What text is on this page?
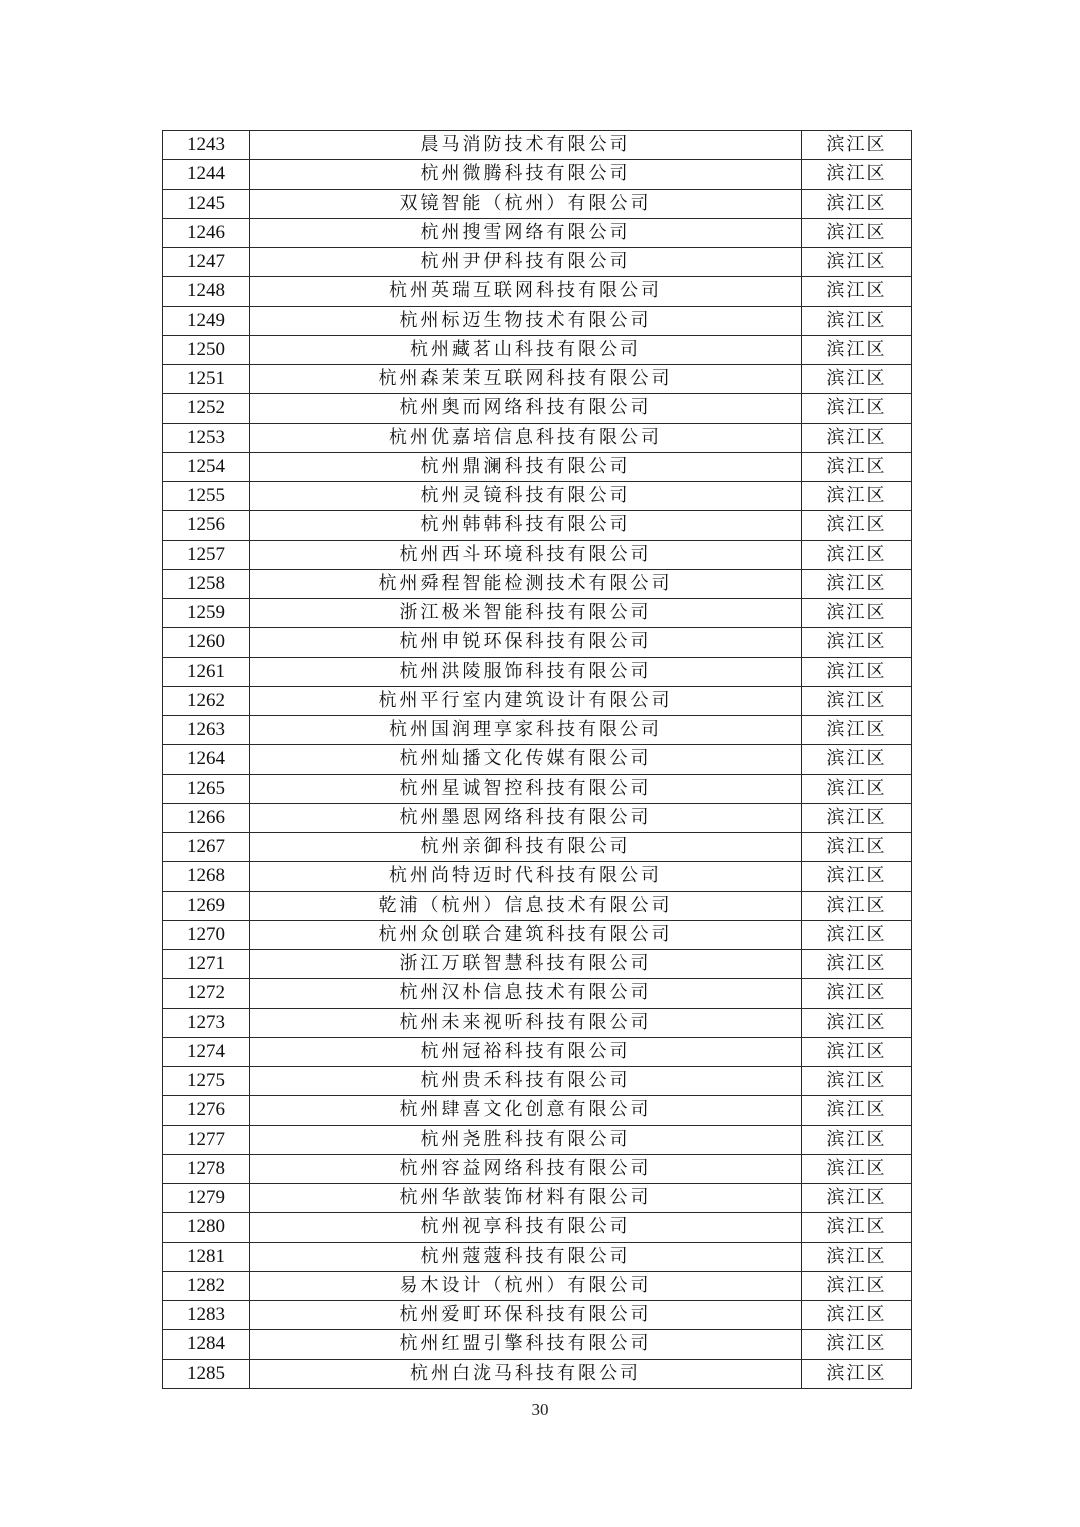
1243	晨马消防技术有限公司	滨江区
1244	杭州微腾科技有限公司	滨江区
1245	双镜智能（杭州）有限公司	滨江区
1246	杭州搜雪网络有限公司	滨江区
1247	杭州尹伊科技有限公司	滨江区
1248	杭州英瑞互联网科技有限公司	滨江区
1249	杭州标迈生物技术有限公司	滨江区
1250	杭州藏茗山科技有限公司	滨江区
1251	杭州森茉茉互联网科技有限公司	滨江区
1252	杭州奥而网络科技有限公司	滨江区
1253	杭州优嘉培信息科技有限公司	滨江区
1254	杭州鼎澜科技有限公司	滨江区
1255	杭州灵镜科技有限公司	滨江区
1256	杭州韩韩科技有限公司	滨江区
1257	杭州西斗环境科技有限公司	滨江区
1258	杭州舜程智能检测技术有限公司	滨江区
1259	浙江极米智能科技有限公司	滨江区
1260	杭州申锐环保科技有限公司	滨江区
1261	杭州洪陵服饰科技有限公司	滨江区
1262	杭州平行室内建筑设计有限公司	滨江区
1263	杭州国润理享家科技有限公司	滨江区
1264	杭州灿播文化传媒有限公司	滨江区
1265	杭州星诚智控科技有限公司	滨江区
1266	杭州墨恩网络科技有限公司	滨江区
1267	杭州亲御科技有限公司	滨江区
1268	杭州尚特迈时代科技有限公司	滨江区
1269	乾浦（杭州）信息技术有限公司	滨江区
1270	杭州众创联合建筑科技有限公司	滨江区
1271	浙江万联智慧科技有限公司	滨江区
1272	杭州汉朴信息技术有限公司	滨江区
1273	杭州未来视听科技有限公司	滨江区
1274	杭州冠裕科技有限公司	滨江区
1275	杭州贵禾科技有限公司	滨江区
1276	杭州肆喜文化创意有限公司	滨江区
1277	杭州尧胜科技有限公司	滨江区
1278	杭州容益网络科技有限公司	滨江区
1279	杭州华歆装饰材料有限公司	滨江区
1280	杭州视享科技有限公司	滨江区
1281	杭州蔻蔻科技有限公司	滨江区
1282	易木设计（杭州）有限公司	滨江区
1283	杭州爱町环保科技有限公司	滨江区
1284	杭州红盟引擎科技有限公司	滨江区
1285	杭州白泷马科技有限公司	滨江区
30
